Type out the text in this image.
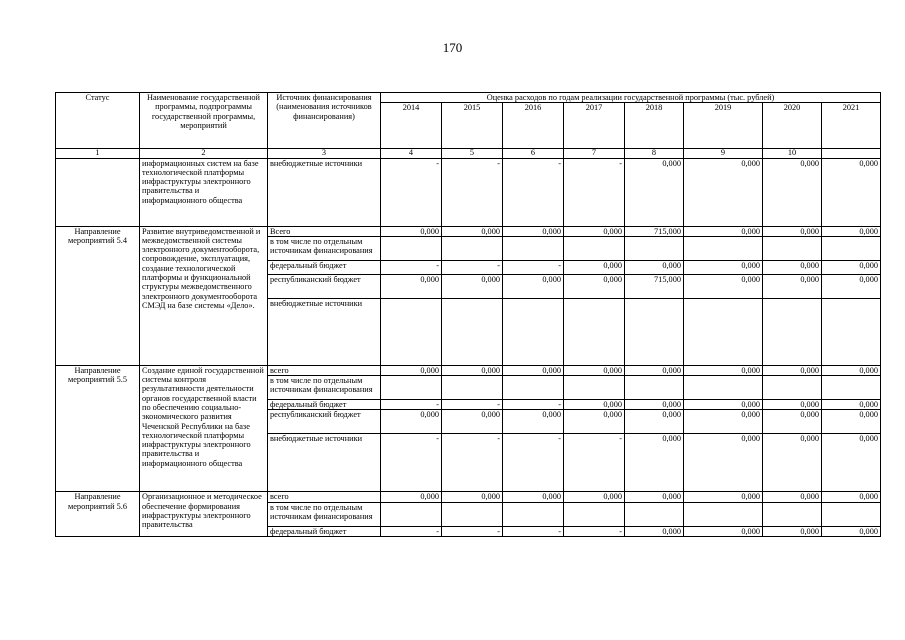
170
Статус	Наименование государственной программы, подпрограммы государственной программы, мероприятий	Источник финансирования (наименования источников финансирования)	Оценка расходов по годам реализации государственной программы (тыс. рублей)							
			2014	2015	2016	2017	2018	2019	2020	2021
1	2	3	4	5	6	7	8	9	10	
	информационных систем на базе технологической платформы инфраструктуры электронного правительства и информационного общества	внебюджетные источники	-	-	-	-	0,000	0,000	0,000	0,000
Направление мероприятий 5.4	Развитие внутриведомственной и межведомственной системы электронного документооборота, сопровождение, эксплуатация, создание технологической платформы и функциональной структуры межведомственного электронного документооборота СМЭД на базе системы «Дело».	Всего	0,000	0,000	0,000	0,000	715,000	0,000	0,000	0,000
		в том числе по отдельным источникам финансирования								
		федеральный бюджет	-	-	-	0,000	0,000	0,000	0,000	0,000
		республиканский бюджет	0,000	0,000	0,000	0,000	715,000	0,000	0,000	0,000
		внебюджетные источники								
Направление мероприятий 5.5	Создание единой государственной системы контроля результативности деятельности органов государственной власти по обеспечению социально-экономического развития Чеченской Республики на базе технологической платформы инфраструктуры электронного правительства и информационного общества	всего	0,000	0,000	0,000	0,000	0,000	0,000	0,000	0,000
		в том числе по отдельным источникам финансирования								
		федеральный бюджет	-	-	-	0,000	0,000	0,000	0,000	0,000
		республиканский бюджет	0,000	0,000	0,000	0,000	0,000	0,000	0,000	0,000
		внебюджетные источники	-	-	-	-	0,000	0,000	0,000	0,000
Направление мероприятий 5.6	Организационное и методическое обеспечение формирования инфраструктуры электронного правительства	всего	0,000	0,000	0,000	0,000	0,000	0,000	0,000	0,000
		в том числе по отдельным источникам финансирования								
		федеральный бюджет	-	-	-	-	0,000	0,000	0,000	0,000
